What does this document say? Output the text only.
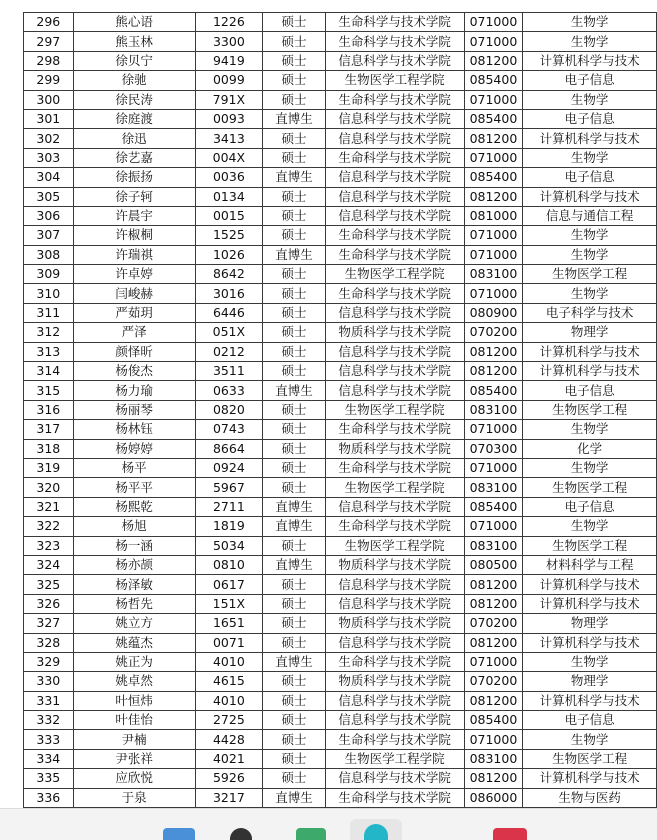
296	熊心语	1226	硕士	生命科学与技术学院	071000	生物学
297	熊玉林	3300	硕士	生命科学与技术学院	071000	生物学
298	徐贝宁	9419	硕士	信息科学与技术学院	081200	计算机科学与技术
299	徐驰	0099	硕士	生物医学工程学院	085400	电子信息
300	徐民涛	791X	硕士	生命科学与技术学院	071000	生物学
301	徐庭渡	0093	直博生	信息科学与技术学院	085400	电子信息
302	徐迅	3413	硕士	信息科学与技术学院	081200	计算机科学与技术
303	徐艺嘉	004X	硕士	生命科学与技术学院	071000	生物学
304	徐振扬	0036	直博生	信息科学与技术学院	085400	电子信息
305	徐子轲	0134	硕士	信息科学与技术学院	081200	计算机科学与技术
306	许晨宇	0015	硕士	信息科学与技术学院	081000	信息与通信工程
307	许椒桐	1525	硕士	生命科学与技术学院	071000	生物学
308	许瑞祺	1026	直博生	生命科学与技术学院	071000	生物学
309	许卓婷	8642	硕士	生物医学工程学院	083100	生物医学工程
310	闫峻赫	3016	硕士	生命科学与技术学院	071000	生物学
311	严茹玥	6446	硕士	信息科学与技术学院	080900	电子科学与技术
312	严泽	051X	硕士	物质科学与技术学院	070200	物理学
313	颜怿昕	0212	硕士	信息科学与技术学院	081200	计算机科学与技术
314	杨俊杰	3511	硕士	信息科学与技术学院	081200	计算机科学与技术
315	杨力瑜	0633	直博生	信息科学与技术学院	085400	电子信息
316	杨丽琴	0820	硕士	生物医学工程学院	083100	生物医学工程
317	杨林钰	0743	硕士	生命科学与技术学院	071000	生物学
318	杨婷婷	8664	硕士	物质科学与技术学院	070300	化学
319	杨平	0924	硕士	生命科学与技术学院	071000	生物学
320	杨平平	5967	硕士	生物医学工程学院	083100	生物医学工程
321	杨熙乾	2711	直博生	信息科学与技术学院	085400	电子信息
322	杨旭	1819	直博生	生命科学与技术学院	071000	生物学
323	杨一涵	5034	硕士	生物医学工程学院	083100	生物医学工程
324	杨亦颉	0810	直博生	物质科学与技术学院	080500	材料科学与工程
325	杨泽敏	0617	硕士	信息科学与技术学院	081200	计算机科学与技术
326	杨哲先	151X	硕士	信息科学与技术学院	081200	计算机科学与技术
327	姚立方	1651	硕士	物质科学与技术学院	070200	物理学
328	姚蕴杰	0071	硕士	信息科学与技术学院	081200	计算机科学与技术
329	姚正为	4010	直博生	生命科学与技术学院	071000	生物学
330	姚卓然	4615	硕士	物质科学与技术学院	070200	物理学
331	叶恒炜	4010	硕士	信息科学与技术学院	081200	计算机科学与技术
332	叶佳怡	2725	硕士	信息科学与技术学院	085400	电子信息
333	尹楠	4428	硕士	生命科学与技术学院	071000	生物学
334	尹张祥	4021	硕士	生物医学工程学院	083100	生物医学工程
335	应欣悦	5926	硕士	信息科学与技术学院	081200	计算机科学与技术
336	于泉	3217	直博生	生命科学与技术学院	086000	生物与医药
